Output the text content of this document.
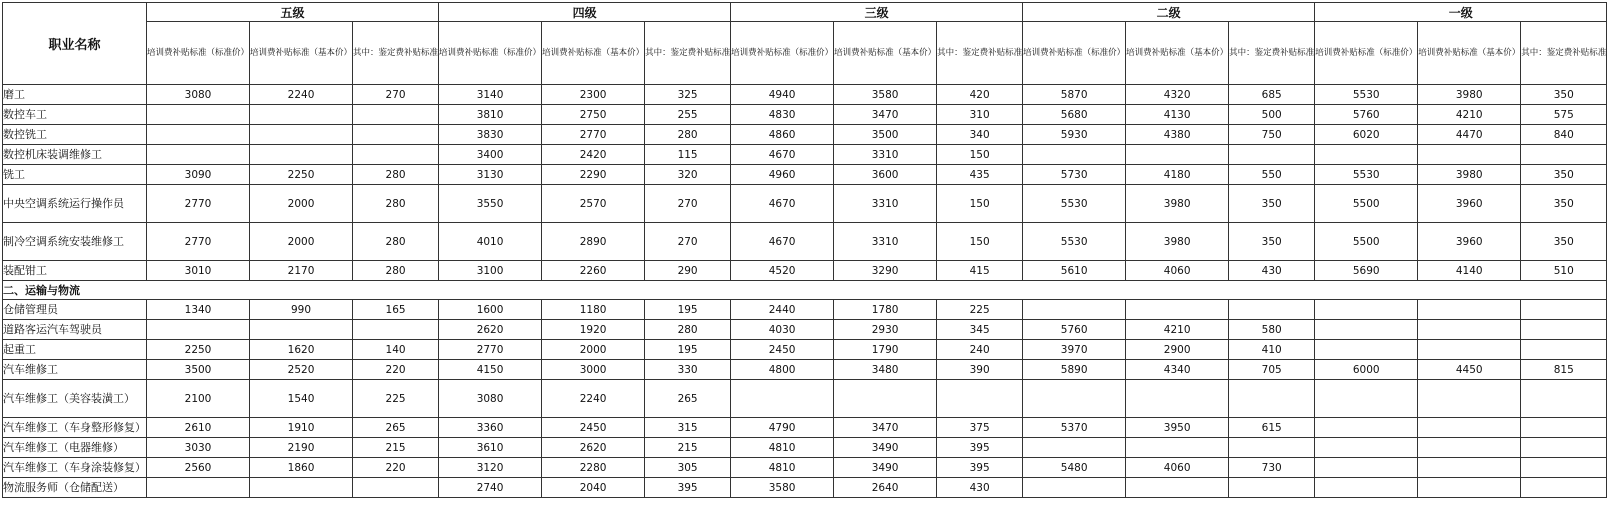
职业名称	五级			四级			三级			二级			一级		
	培训费补贴标准（标准价）	培训费补贴标准（基本价）	其中：鉴定费补贴标准	培训费补贴标准（标准价）	培训费补贴标准（基本价）	其中：鉴定费补贴标准	培训费补贴标准（标准价）	培训费补贴标准（基本价）	其中：鉴定费补贴标准	培训费补贴标准（标准价）	培训费补贴标准（基本价）	其中：鉴定费补贴标准	培训费补贴标准（标准价）	培训费补贴标准（基本价）	其中：鉴定费补贴标准
磨工	3080	2240	270	3140	2300	325	4940	3580	420	5870	4320	685	5530	3980	350
数控车工				3810	2750	255	4830	3470	310	5680	4130	500	5760	4210	575
数控铣工				3830	2770	280	4860	3500	340	5930	4380	750	6020	4470	840
数控机床装调维修工				3400	2420	115	4670	3310	150						
铣工	3090	2250	280	3130	2290	320	4960	3600	435	5730	4180	550	5530	3980	350
中央空调系统运行操作员	2770	2000	280	3550	2570	270	4670	3310	150	5530	3980	350	5500	3960	350
制冷空调系统安装维修工	2770	2000	280	4010	2890	270	4670	3310	150	5530	3980	350	5500	3960	350
装配钳工	3010	2170	280	3100	2260	290	4520	3290	415	5610	4060	430	5690	4140	510
二、运输与物流															
仓储管理员	1340	990	165	1600	1180	195	2440	1780	225						
道路客运汽车驾驶员				2620	1920	280	4030	2930	345	5760	4210	580			
起重工	2250	1620	140	2770	2000	195	2450	1790	240	3970	2900	410			
汽车维修工	3500	2520	220	4150	3000	330	4800	3480	390	5890	4340	705	6000	4450	815
汽车维修工（美容装潢工）	2100	1540	225	3080	2240	265									
汽车维修工（车身整形修复）	2610	1910	265	3360	2450	315	4790	3470	375	5370	3950	615			
汽车维修工（电器维修）	3030	2190	215	3610	2620	215	4810	3490	395						
汽车维修工（车身涂装修复）	2560	1860	220	3120	2280	305	4810	3490	395	5480	4060	730			
物流服务师（仓储配送）				2740	2040	395	3580	2640	430						
